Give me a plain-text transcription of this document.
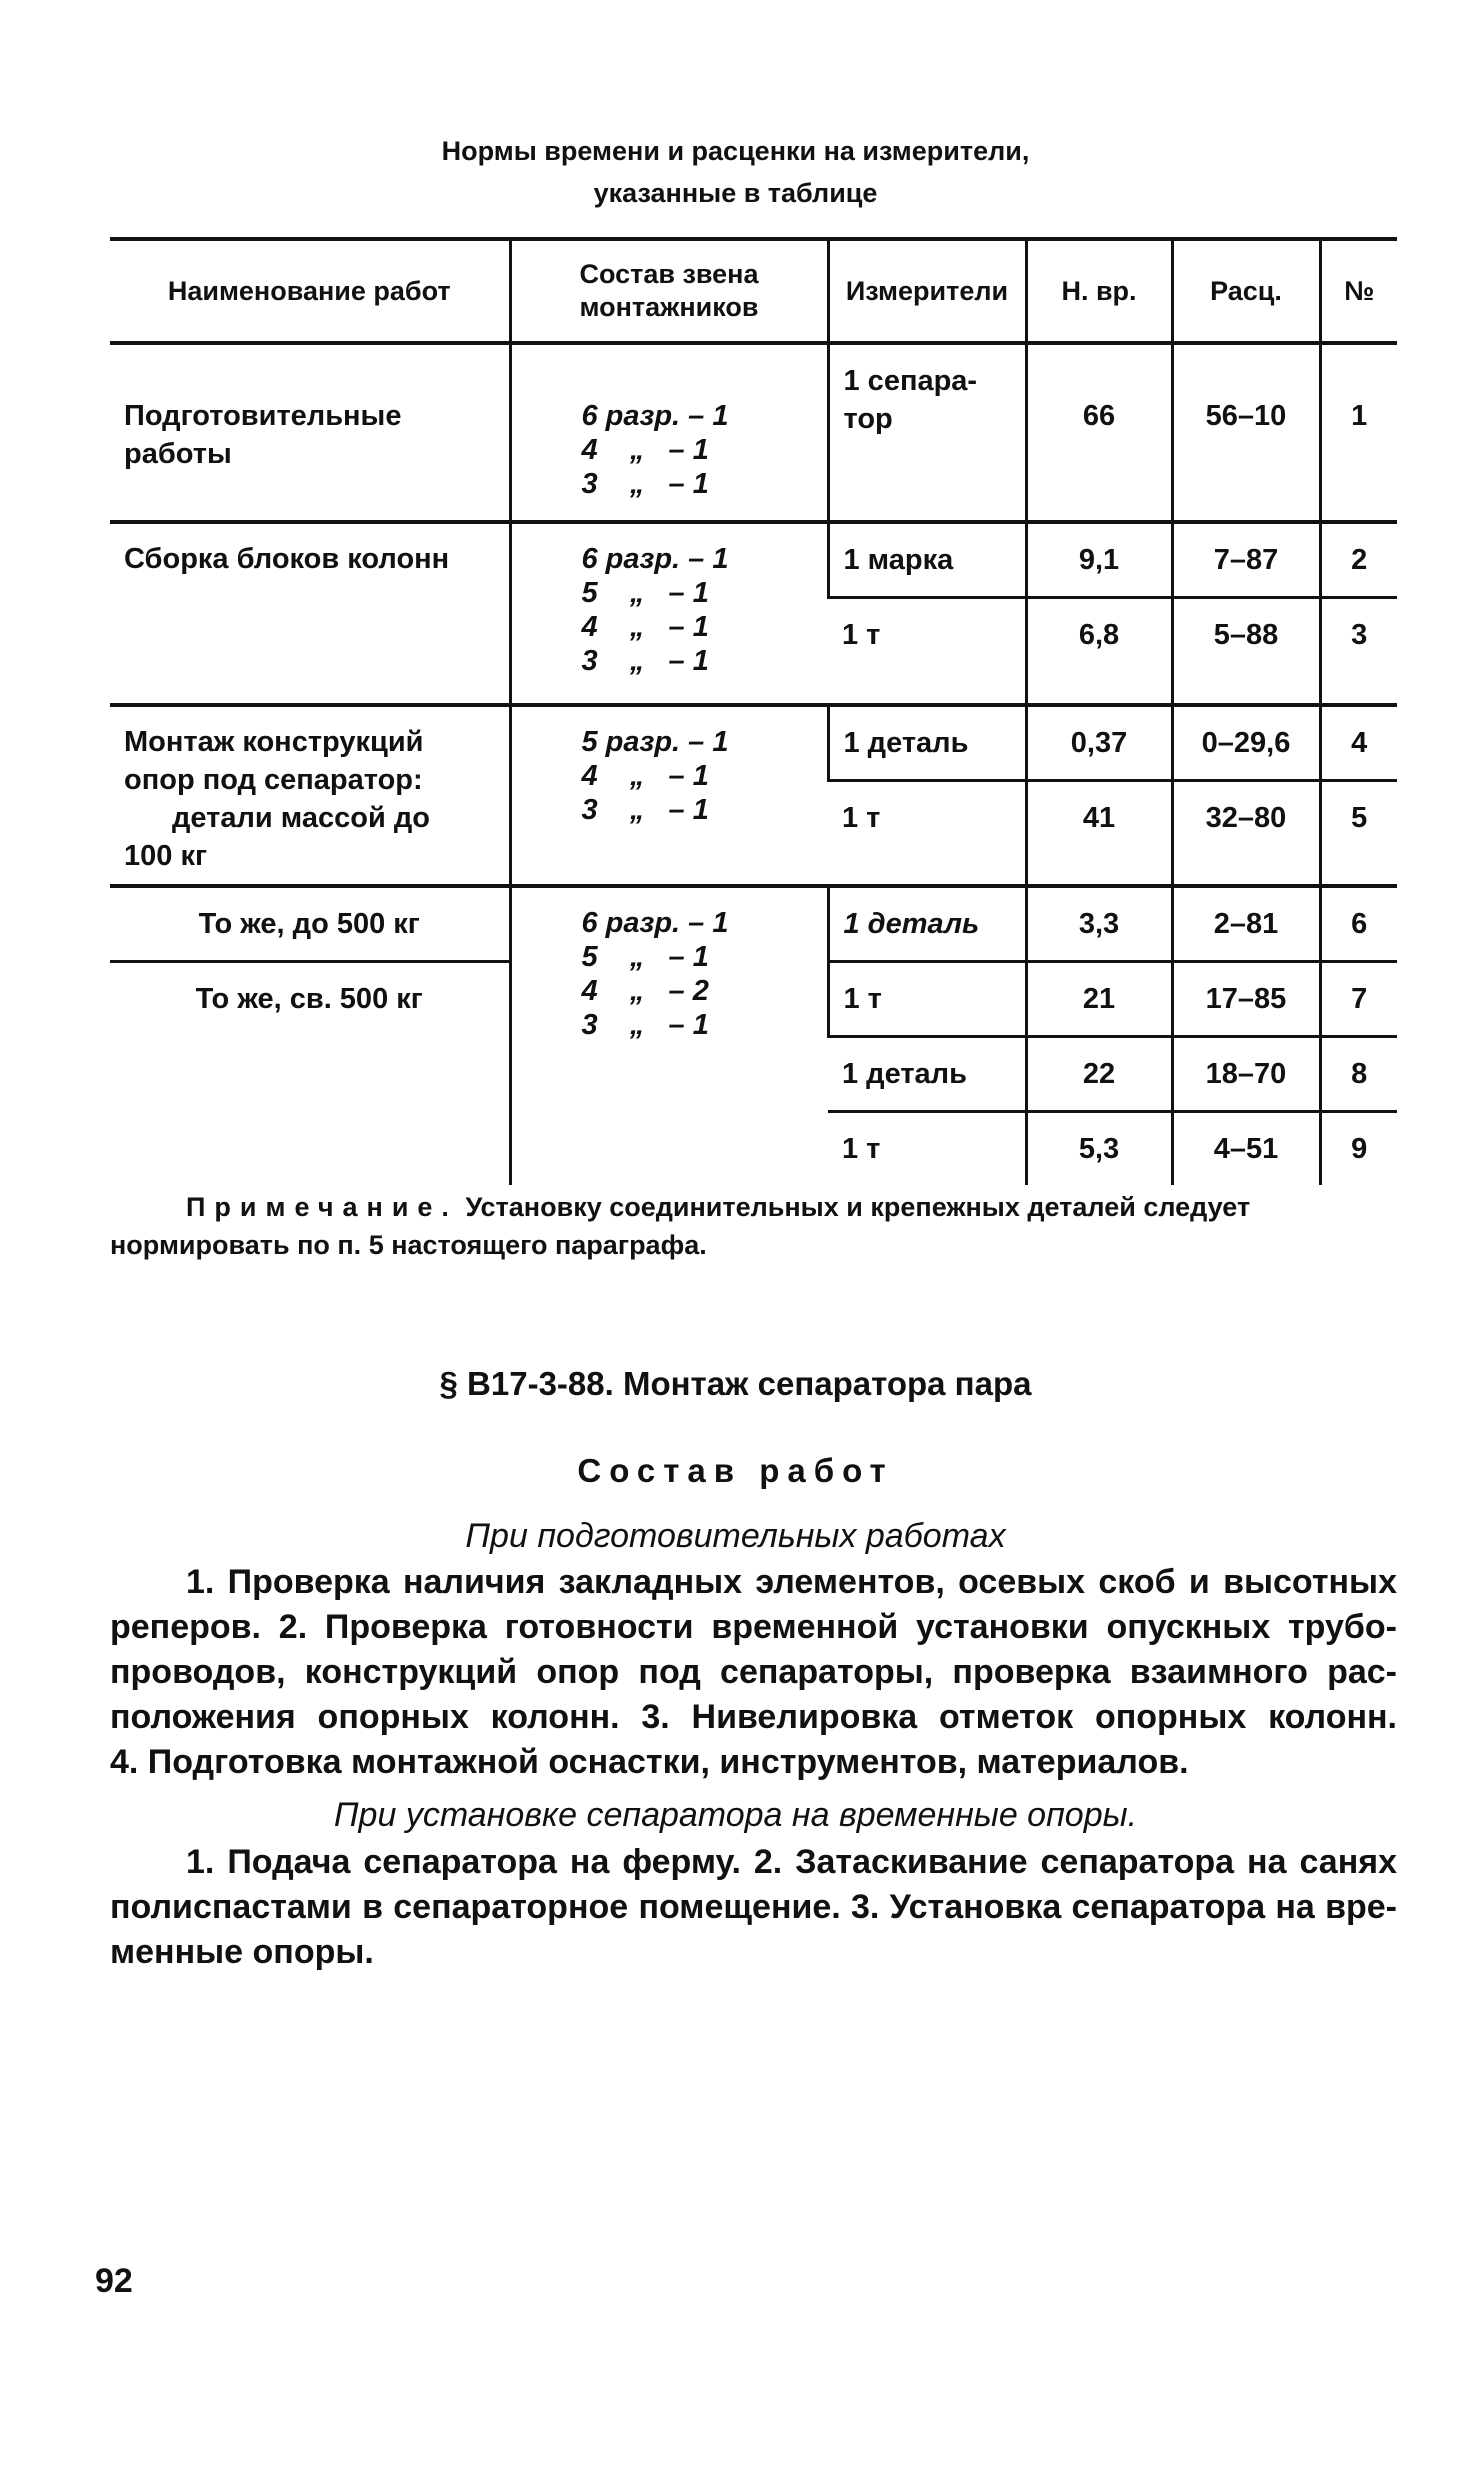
Нормы времени и расценки на измерители,
указанные в таблице
Наименование работ	Состав звена монтажников	Измерители	Н. вр.	Расц.	№

Подготовительные
работы	6 разр. – 1
4    „   – 1
3    „   – 1	1 сепара-
тор	66	56–10	1

Сборка блоков колонн	6 разр. – 1
5    „   – 1
4    „   – 1
3    „   – 1	1 марка	9,1	7–87	2
		1 т	6,8	5–88	3

Монтаж конструкций
опор под сепаратор:
детали массой до
100 кг	5 разр. – 1
4    „   – 1
3    „   – 1	1 деталь	0,37	0–29,6	4
		1 т	41	32–80	5

То же, до 500 кг	6 разр. – 1
5    „   – 1
4    „   – 2
3    „   – 1	1 деталь	3,3	2–81	6

То же, св. 500 кг		1 т	21	17–85	7
		1 деталь	22	18–70	8
		1 т	5,3	4–51	9
Примечание. Установку соединительных и крепежных деталей следует
нормировать по п. 5 настоящего параграфа.
§ В17-3-88. Монтаж сепаратора пара
Состав работ
При подготовительных работах
1. Проверка наличия закладных элементов, осевых скоб и высотных
реперов. 2. Проверка готовности временной установки опускных трубо-
проводов, конструкций опор под сепараторы, проверка взаимного рас-
положения опорных колонн. 3. Нивелировка отметок опорных колонн.
4. Подготовка монтажной оснастки, инструментов, материалов.
При установке сепаратора на временные опоры.
1. Подача сепаратора на ферму. 2. Затаскивание сепаратора на санях
полиспастами в сепараторное помещение. 3. Установка сепаратора на вре-
менные опоры.
92
